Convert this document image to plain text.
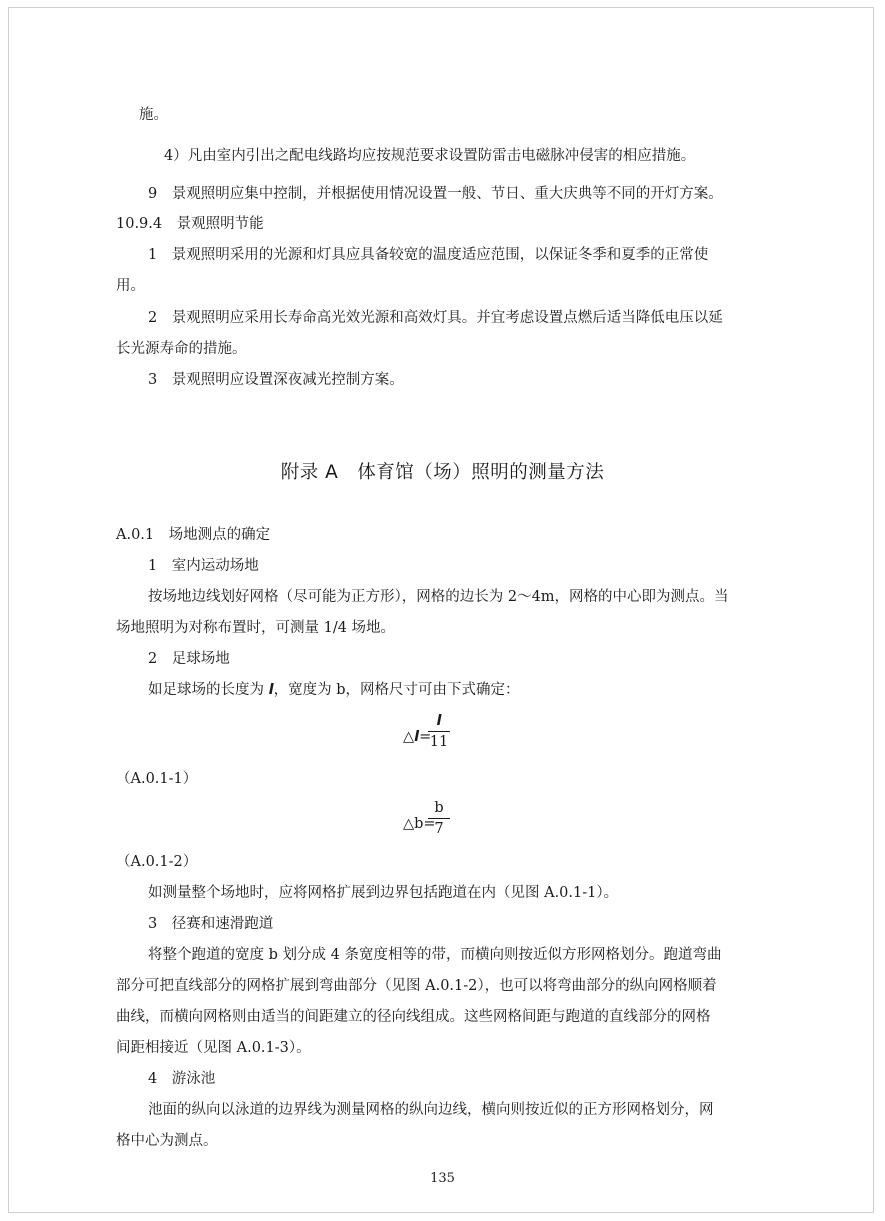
施。
4）凡由室内引出之配电线路均应按规范要求设置防雷击电磁脉冲侵害的相应措施。
9　景观照明应集中控制，并根据使用情况设置一般、节日、重大庆典等不同的开灯方案。
10.9.4　景观照明节能
1　景观照明采用的光源和灯具应具备较宽的温度适应范围，以保证冬季和夏季的正常使
用。
2　景观照明应采用长寿命高光效光源和高效灯具。并宜考虑设置点燃后适当降低电压以延
长光源寿命的措施。
3　景观照明应设置深夜减光控制方案。
附录 A　体育馆（场）照明的测量方法
A.0.1　场地测点的确定
1　室内运动场地
按场地边线划好网格（尽可能为正方形），网格的边长为 2～4m，网格的中心即为测点。当
场地照明为对称布置时，可测量 1/4 场地。
2　足球场地
如足球场的长度为 l，宽度为 b，网格尺寸可由下式确定：
△l=
l
11
（A.0.1-1）
△b=
b
7
（A.0.1-2）
如测量整个场地时，应将网格扩展到边界包括跑道在内（见图 A.0.1-1）。
3　径赛和速滑跑道
将整个跑道的宽度 b 划分成 4 条宽度相等的带，而横向则按近似方形网格划分。跑道弯曲
部分可把直线部分的网格扩展到弯曲部分（见图 A.0.1-2），也可以将弯曲部分的纵向网格顺着
曲线，而横向网格则由适当的间距建立的径向线组成。这些网格间距与跑道的直线部分的网格
间距相接近（见图 A.0.1-3）。
4　游泳池
池面的纵向以泳道的边界线为测量网格的纵向边线，横向则按近似的正方形网格划分，网
格中心为测点。
135
